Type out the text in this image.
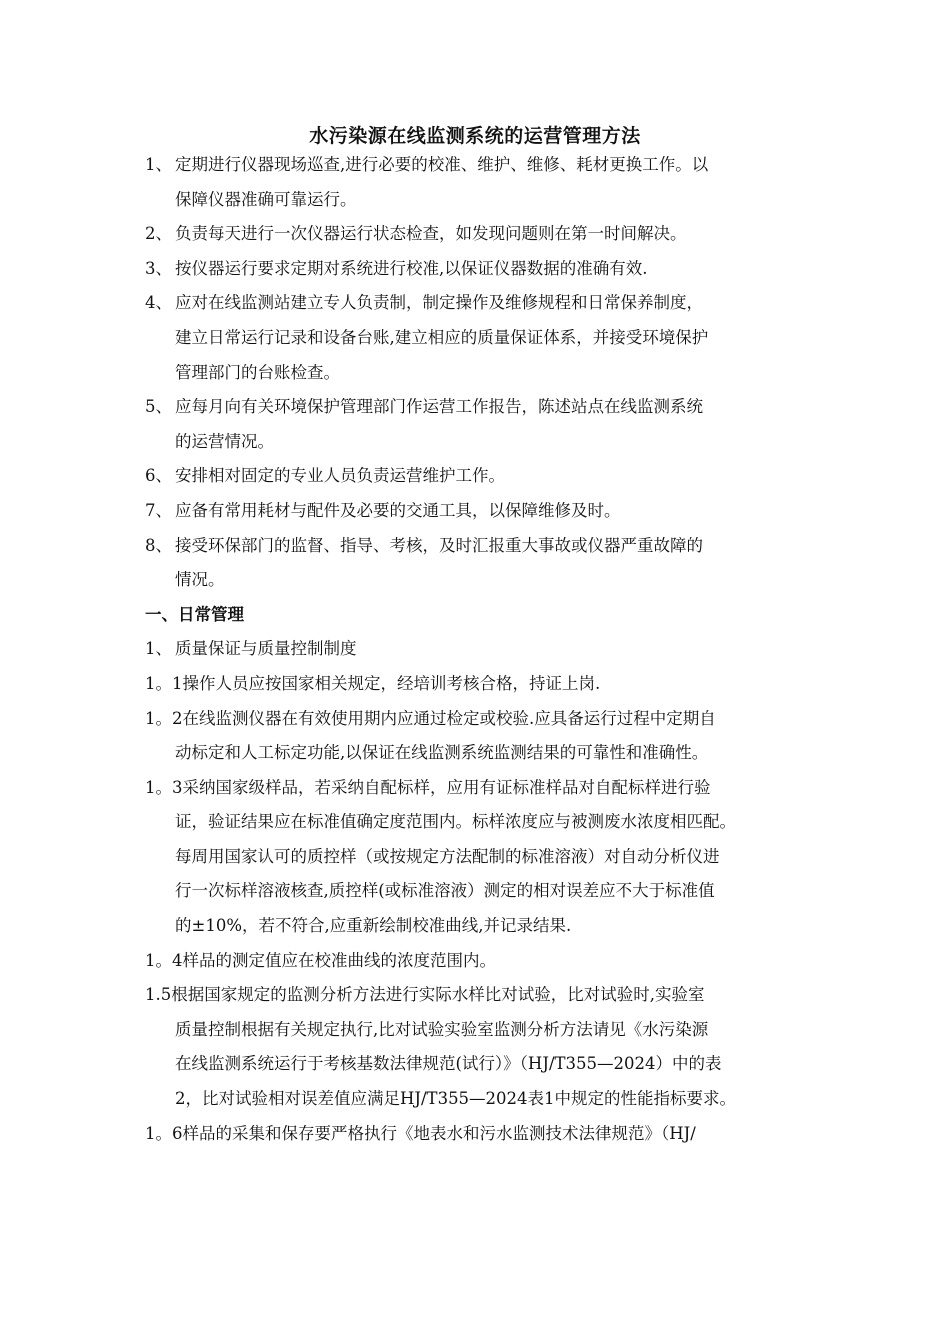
水污染源在线监测系统的运营管理方法
1、 定期进行仪器现场巡查,进行必要的校准、维护、维修、耗材更换工作。以
保障仪器准确可靠运行。
2、 负责每天进行一次仪器运行状态检查，如发现问题则在第一时间解决。
3、 按仪器运行要求定期对系统进行校准,以保证仪器数据的准确有效.
4、 应对在线监测站建立专人负责制，制定操作及维修规程和日常保养制度，
建立日常运行记录和设备台账,建立相应的质量保证体系，并接受环境保护
管理部门的台账检查。
5、 应每月向有关环境保护管理部门作运营工作报告，陈述站点在线监测系统
的运营情况。
6、 安排相对固定的专业人员负责运营维护工作。
7、 应备有常用耗材与配件及必要的交通工具，以保障维修及时。
8、 接受环保部门的监督、指导、考核，及时汇报重大事故或仪器严重故障的
情况。
一、日常管理
1、 质量保证与质量控制制度
1。1操作人员应按国家相关规定，经培训考核合格，持证上岗.
1。2在线监测仪器在有效使用期内应通过检定或校验.应具备运行过程中定期自
动标定和人工标定功能,以保证在线监测系统监测结果的可靠性和准确性。
1。3采纳国家级样品，若采纳自配标样，应用有证标准样品对自配标样进行验
证，验证结果应在标准值确定度范围内。标样浓度应与被测废水浓度相匹配。
每周用国家认可的质控样（或按规定方法配制的标准溶液）对自动分析仪进
行一次标样溶液核查,质控样(或标准溶液）测定的相对误差应不大于标准值
的±10%，若不符合,应重新绘制校准曲线,并记录结果.
1。4样品的测定值应在校准曲线的浓度范围内。
1.5根据国家规定的监测分析方法进行实际水样比对试验，比对试验时,实验室
质量控制根据有关规定执行,比对试验实验室监测分析方法请见《水污染源
在线监测系统运行于考核基数法律规范(试行）》（HJ/T355—2024）中的表
2，比对试验相对误差值应满足HJ/T355—2024表1中规定的性能指标要求。
1。6样品的采集和保存要严格执行《地表水和污水监测技术法律规范》（HJ/
